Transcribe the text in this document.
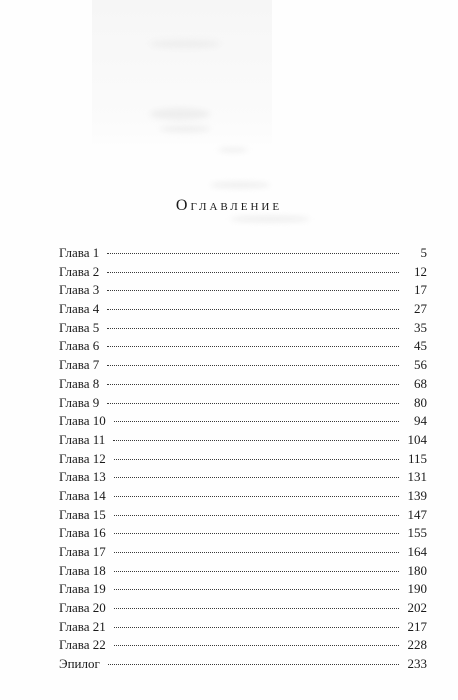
Оглавление
Глава 1	5
Глава 2	12
Глава 3	17
Глава 4	27
Глава 5	35
Глава 6	45
Глава 7	56
Глава 8	68
Глава 9	80
Глава 10	94
Глава 11	104
Глава 12	115
Глава 13	131
Глава 14	139
Глава 15	147
Глава 16	155
Глава 17	164
Глава 18	180
Глава 19	190
Глава 20	202
Глава 21	217
Глава 22	228
Эпилог	233
